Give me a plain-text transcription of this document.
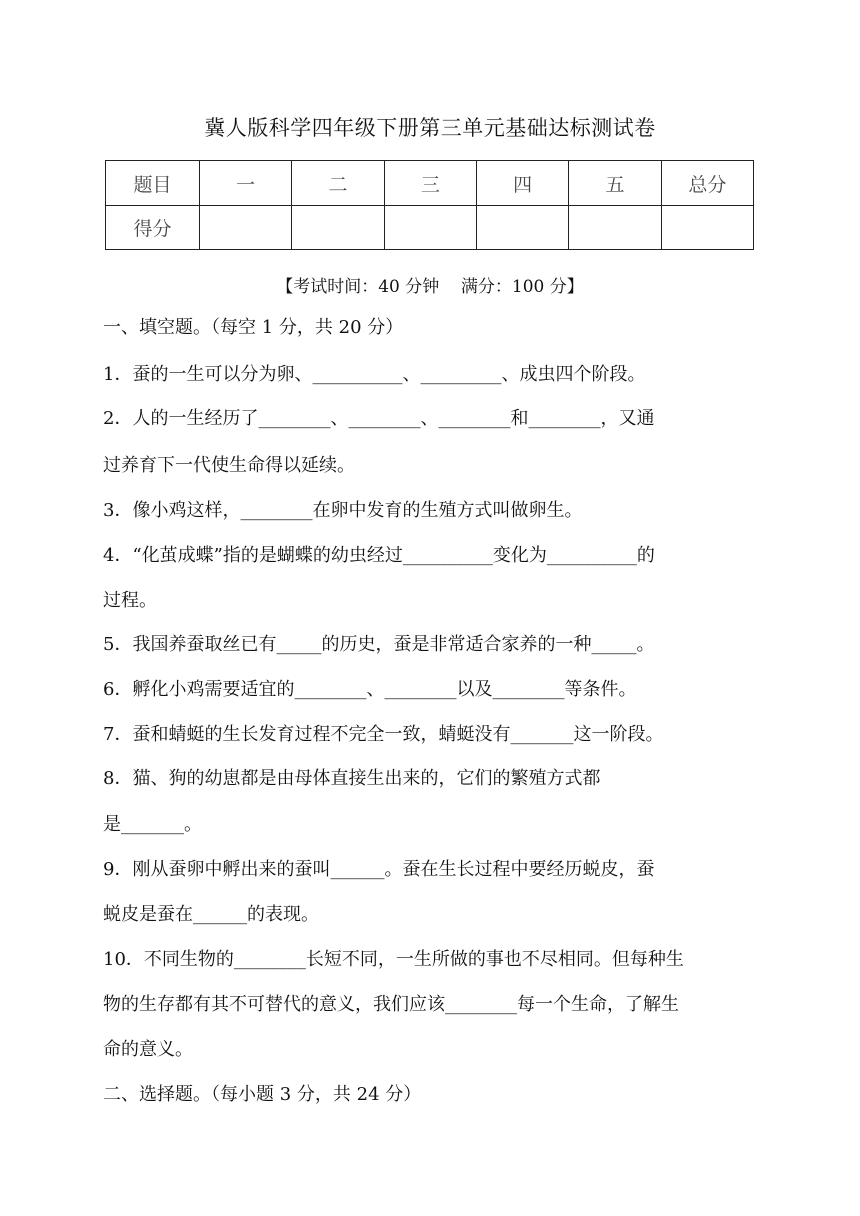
冀人版科学四年级下册第三单元基础达标测试卷
题目	一	二	三	四	五	总分
得分						
【考试时间：40 分钟    满分：100 分】
一、填空题。（每空 1 分，共 20 分）
1．蚕的一生可以分为卵、__________、_________、成虫四个阶段。
2．人的一生经历了________、________、________和________，又通
过养育下一代使生命得以延续。
3．像小鸡这样，________在卵中发育的生殖方式叫做卵生。
4．“化茧成蝶”指的是蝴蝶的幼虫经过__________变化为__________的
过程。
5．我国养蚕取丝已有_____的历史，蚕是非常适合家养的一种_____。
6．孵化小鸡需要适宜的________、________以及________等条件。
7．蚕和蜻蜓的生长发育过程不完全一致，蜻蜓没有_______这一阶段。
8．猫、狗的幼崽都是由母体直接生出来的，它们的繁殖方式都
是_______。
9．刚从蚕卵中孵出来的蚕叫______。蚕在生长过程中要经历蜕皮，蚕
蜕皮是蚕在______的表现。
10．不同生物的________长短不同，一生所做的事也不尽相同。但每种生
物的生存都有其不可替代的意义，我们应该________每一个生命，了解生
命的意义。
二、选择题。（每小题 3 分，共 24 分）
